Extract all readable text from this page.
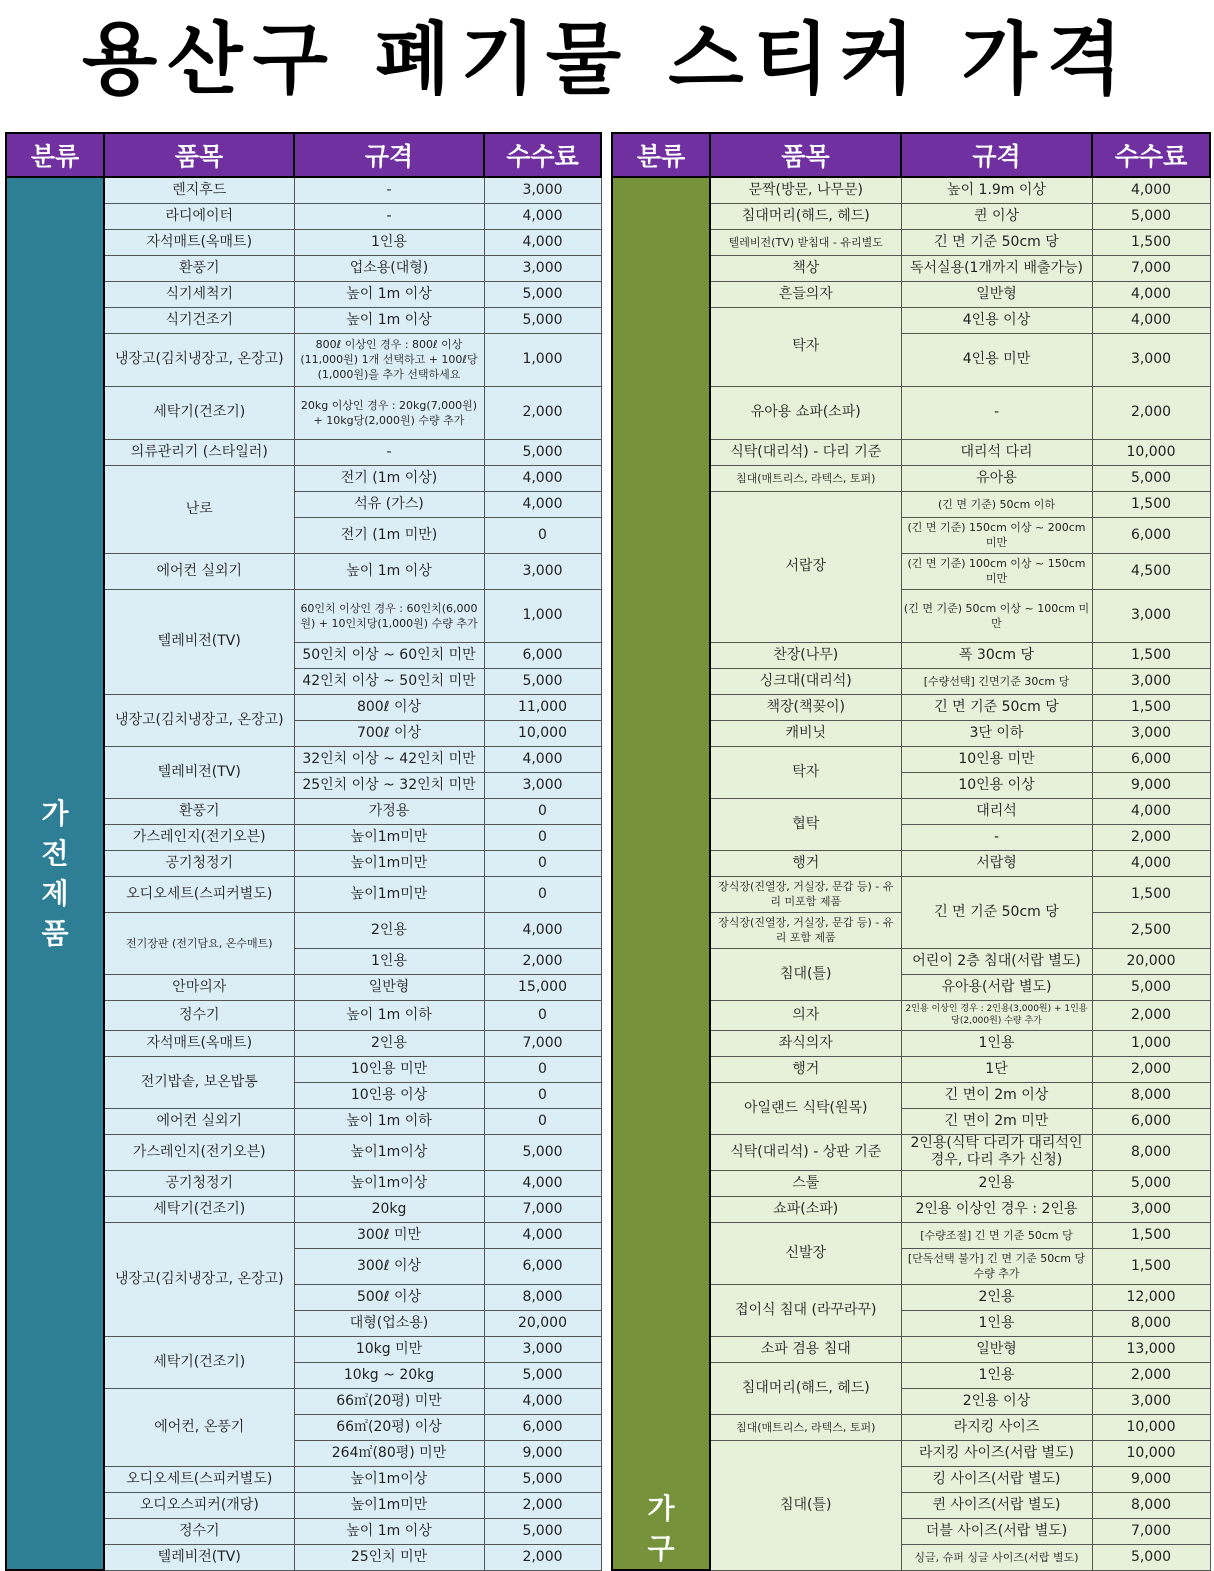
용산구 폐기물 스티커 가격
분류	품목	규격	수수료

가
전
제
품	렌지후드	-	3,000
	라디에이터	-	4,000
	자석매트(옥매트)	1인용	4,000
	환풍기	업소용(대형)	3,000
	식기세척기	높이 1m 이상	5,000
	식기건조기	높이 1m 이상	5,000
	냉장고(김치냉장고, 온장고)	800ℓ 이상인 경우 : 800ℓ 이상(11,000원) 1개 선택하고 + 100ℓ당(1,000원)을 추가 선택하세요	1,000
	세탁기(건조기)	20kg 이상인 경우 : 20kg(7,000원) + 10kg당(2,000원) 수량 추가	2,000
	의류관리기 (스타일러)	-	5,000
	난로	전기 (1m 이상)	4,000
		석유 (가스)	4,000
		전기 (1m 미만)	0
	에어컨 실외기	높이 1m 이상	3,000
	텔레비전(TV)	60인치 이상인 경우 : 60인치(6,000원) + 10인치당(1,000원) 수량 추가	1,000
		50인치 이상 ~ 60인치 미만	6,000
		42인치 이상 ~ 50인치 미만	5,000
	냉장고(김치냉장고, 온장고)	800ℓ 이상	11,000
		700ℓ 이상	10,000
	텔레비전(TV)	32인치 이상 ~ 42인치 미만	4,000
		25인치 이상 ~ 32인치 미만	3,000
	환풍기	가정용	0
	가스레인지(전기오븐)	높이1m미만	0
	공기청정기	높이1m미만	0
	오디오세트(스피커별도)	높이1m미만	0
	전기장판 (전기담요, 온수매트)	2인용	4,000
		1인용	2,000
	안마의자	일반형	15,000
	정수기	높이 1m 이하	0
	자석매트(옥매트)	2인용	7,000
	전기밥솥, 보온밥통	10인용 미만	0
		10인용 이상	0
	에어컨 실외기	높이 1m 이하	0
	가스레인지(전기오븐)	높이1m이상	5,000
	공기청정기	높이1m이상	4,000
	세탁기(건조기)	20kg	7,000
	냉장고(김치냉장고, 온장고)	300ℓ 미만	4,000
		300ℓ 이상	6,000
		500ℓ 이상	8,000
		대형(업소용)	20,000
	세탁기(건조기)	10kg 미만	3,000
		10kg ~ 20kg	5,000
	에어컨, 온풍기	66㎡(20평) 미만	4,000
		66㎡(20평) 이상	6,000
		264㎡(80평) 미만	9,000
	오디오세트(스피커별도)	높이1m이상	5,000
	오디오스피커(개당)	높이1m미만	2,000
	정수기	높이 1m 이상	5,000
	텔레비전(TV)	25인치 미만	2,000
분류	품목	규격	수수료

가
구	문짝(방문, 나무문)	높이 1.9m 이상	4,000
	침대머리(해드, 헤드)	퀸 이상	5,000
	텔레비전(TV) 받침대 - 유리별도	긴 면 기준 50cm 당	1,500
	책상	독서실용(1개까지 배출가능)	7,000
	흔들의자	일반형	4,000
	탁자	4인용 이상	4,000
		4인용 미만	3,000
	유아용 쇼파(소파)	-	2,000
	식탁(대리석) - 다리 기준	대리석 다리	10,000
	침대(매트리스, 라텍스, 토퍼)	유아용	5,000
	서랍장	(긴 면 기준) 50cm 이하	1,500
		(긴 면 기준) 150cm 이상 ~ 200cm 미만	6,000
		(긴 면 기준) 100cm 이상 ~ 150cm 미만	4,500
		(긴 면 기준) 50cm 이상 ~ 100cm 미만	3,000
	찬장(나무)	폭 30cm 당	1,500
	싱크대(대리석)	[수량선택] 긴면기준 30cm 당	3,000
	책장(책꽂이)	긴 면 기준 50cm 당	1,500
	캐비닛	3단 이하	3,000
	탁자	10인용 미만	6,000
		10인용 이상	9,000
	협탁	대리석	4,000
		-	2,000
	행거	서랍형	4,000
	장식장(진열장, 거실장, 문갑 등) - 유리 미포함 제품	긴 면 기준 50cm 당	1,500
	장식장(진열장, 거실장, 문갑 등) - 유리 포함 제품		2,500
	침대(틀)	어린이 2층 침대(서랍 별도)	20,000
		유아용(서랍 별도)	5,000
	의자	2인용 이상인 경우 : 2인용(3,000원) + 1인용당(2,000원) 수량 추가	2,000
	좌식의자	1인용	1,000
	행거	1단	2,000
	아일랜드 식탁(원목)	긴 면이 2m 이상	8,000
		긴 면이 2m 미만	6,000
	식탁(대리석) - 상판 기준	2인용(식탁 다리가 대리석인 경우, 다리 추가 신청)	8,000
	스툴	2인용	5,000
	쇼파(소파)	2인용 이상인 경우 : 2인용	3,000
	신발장	[수량조절] 긴 면 기준 50cm 당	1,500
		[단독선택 불가] 긴 면 기준 50cm 당 수량 추가	1,500
	접이식 침대 (라꾸라꾸)	2인용	12,000
		1인용	8,000
	소파 겸용 침대	일반형	13,000
	침대머리(해드, 헤드)	1인용	2,000
		2인용 이상	3,000
	침대(매트리스, 라텍스, 토퍼)	라지킹 사이즈	10,000
	침대(틀)	라지킹 사이즈(서랍 별도)	10,000
		킹 사이즈(서랍 별도)	9,000
		퀸 사이즈(서랍 별도)	8,000
		더블 사이즈(서랍 별도)	7,000
		싱글, 슈퍼 싱글 사이즈(서랍 별도)	5,000
